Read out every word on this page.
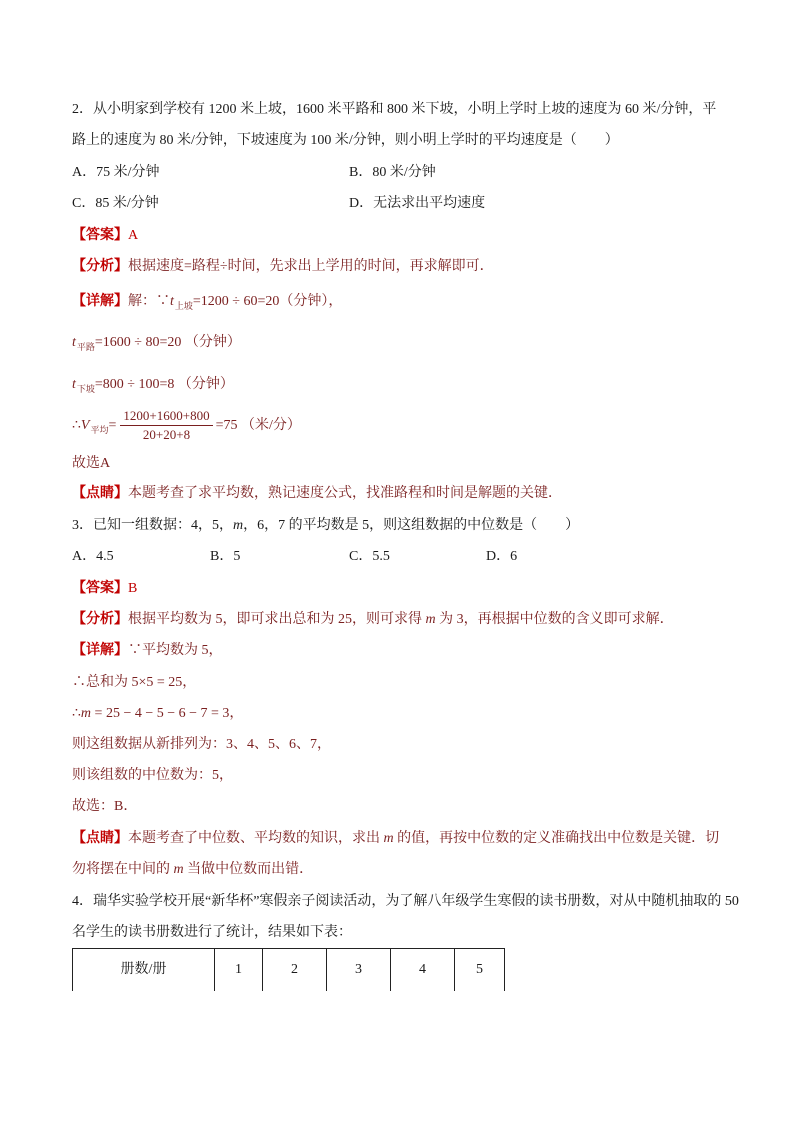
2．从小明家到学校有 1200 米上坡，1600 米平路和 800 米下坡，小明上学时上坡的速度为 60 米/分钟，平
路上的速度为 80 米/分钟，下坡速度为 100 米/分钟，则小明上学时的平均速度是（　　）
A．75 米/分钟	B．80 米/分钟
C．85 米/分钟	D．无法求出平均速度
【答案】A
【分析】根据速度=路程÷时间，先求出上学用的时间，再求解即可．
【详解】解：$\because t_{上坡}=1200 \div 60=20$（分钟），
$t_{平路}=1600 \div 80=20$ （分钟）
$t_{下坡}=800 \div 100=8$ （分钟）
$\therefore V_{平均}= \frac{1200+1600+800}{20+20+8} =75$ （米/分）
故选A
【点睛】本题考查了求平均数，熟记速度公式，找准路程和时间是解题的关键．
3．已知一组数据：4，5，m，6，7 的平均数是 5，则这组数据的中位数是（　　）
A．4.5	B．5	C．5.5	D．6
【答案】B
【分析】根据平均数为 5，即可求出总和为 25，则可求得 m 为 3，再根据中位数的含义即可求解．
【详解】∵平均数为 5，
∴总和为 5×5 = 25，
∴m = 25 − 4 − 5 − 6 − 7 = 3，
则这组数据从新排列为：3、4、5、6、7，
则该组数的中位数为：5，
故选：B．
【点睛】本题考查了中位数、平均数的知识，求出 m 的值，再按中位数的定义准确找出中位数是关键．切
勿将摆在中间的 m 当做中位数而出错．
4．瑞华实验学校开展“新华杯”寒假亲子阅读活动，为了解八年级学生寒假的读书册数，对从中随机抽取的 50
名学生的读书册数进行了统计，结果如下表：
册数/册	1	2	3	4	5
